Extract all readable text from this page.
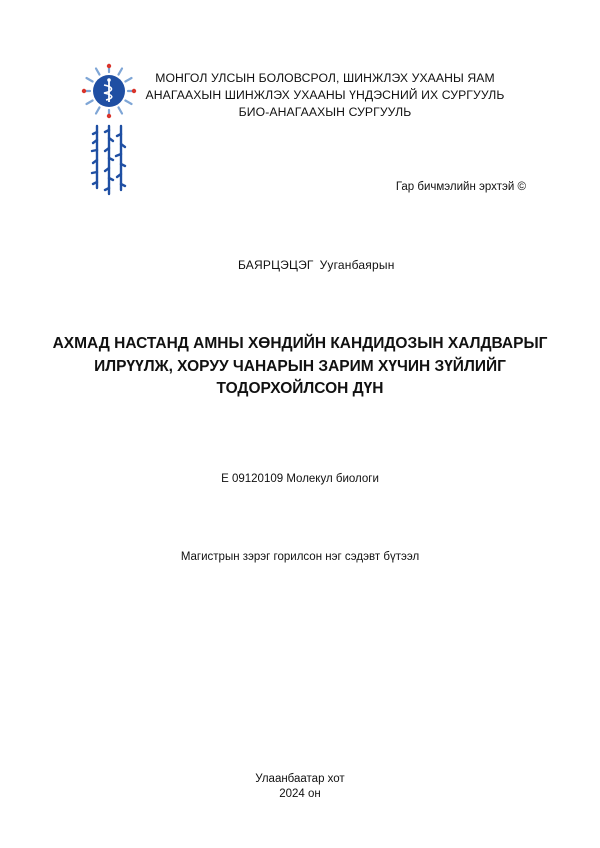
МОНГОЛ УЛСЫН БОЛОВСРОЛ, ШИНЖЛЭХ УХААНЫ ЯАМ
АНАГААХЫН ШИНЖЛЭХ УХААНЫ ҮНДЭСНИЙ ИХ СУРГУУЛЬ
БИО-АНАГААХЫН СУРГУУЛЬ
Гар бичмэлийн эрхтэй ©
БАЯРЦЭЦЭГ Ууганбаярын
АХМАД НАСТАНД АМНЫ ХӨНДИЙН КАНДИДОЗЫН ХАЛДВАРЫГ
ИЛРҮҮЛЖ, ХОРУУ ЧАНАРЫН ЗАРИМ ХҮЧИН ЗҮЙЛИЙГ
ТОДОРХОЙЛСОН ДҮН
E 09120109 Молекул биологи
Магистрын зэрэг горилсон нэг сэдэвт бүтээл
Улаанбаатар хот
2024 он
